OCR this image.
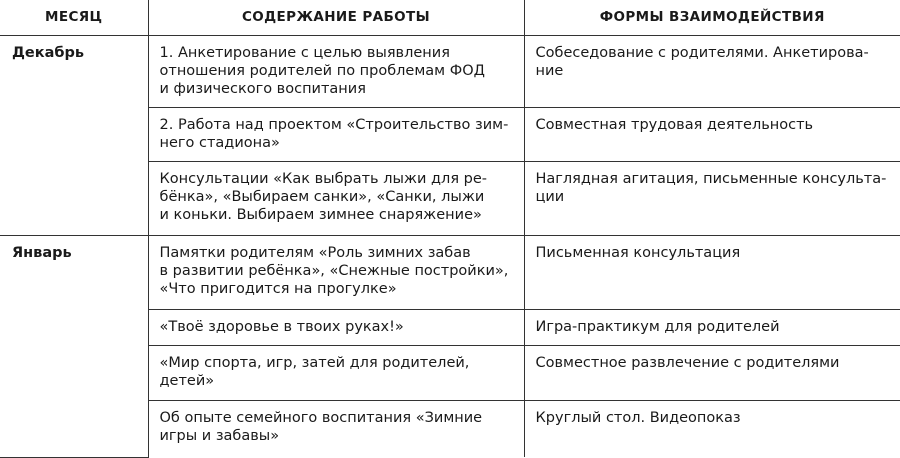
МЕСЯЦ	СОДЕРЖАНИЕ РАБОТЫ	ФОРМЫ ВЗАИМОДЕЙСТВИЯ
Декабрь	1. Анкетирование с целью выявления
отношения родителей по проблемам ФОД
и физического воспитания	Собеседование с родителями. Анкетирова-
ние

	2. Работа над проектом «Строительство зим-
него стадиона»	Совместная трудовая деятельность

	Консультации «Как выбрать лыжи для ре-
бёнка», «Выбираем санки», «Санки, лыжи
и коньки. Выбираем зимнее снаряжение»	Наглядная агитация, письменные консульта-
ции

Январь	Памятки родителям «Роль зимних забав
в развитии ребёнка», «Снежные постройки»,
«Что пригодится на прогулке»	Письменная консультация

	«Твоё здоровье в твоих руках!»	Игра-практикум для родителей

	«Мир спорта, игр, затей для родителей,
детей»	Совместное развлечение с родителями

	Об опыте семейного воспитания «Зимние
игры и забавы»	Круглый стол. Видеопоказ
